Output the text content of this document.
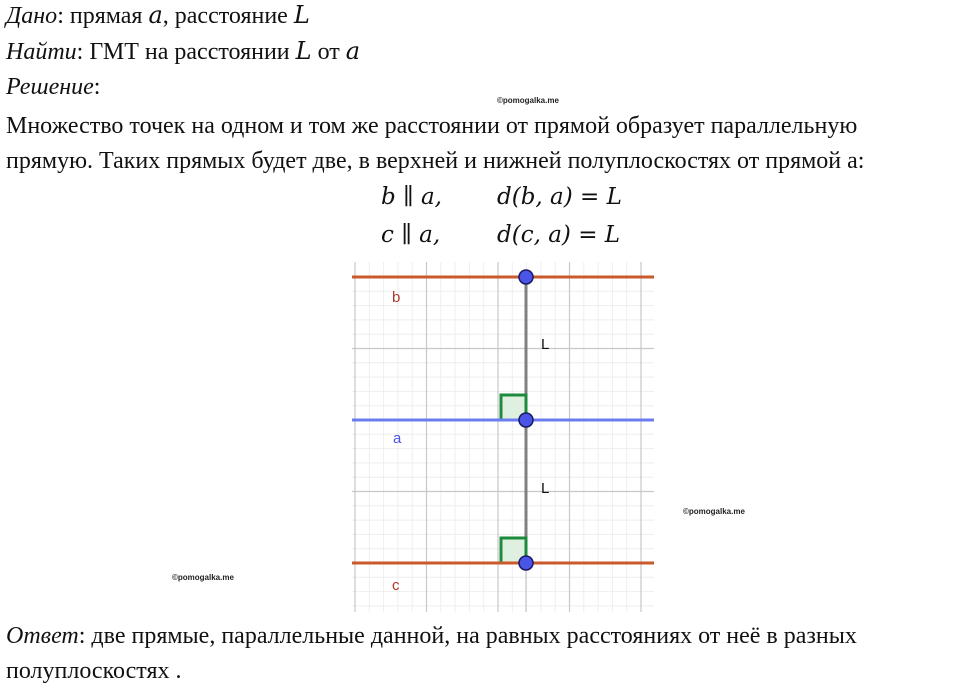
Дано: прямая a, расстояние L
Найти: ГМТ на расстоянии L от a
Решение:
©pomogalka.me
Множество точек на одном и том же расстоянии от прямой образует параллельную
прямую. Таких прямых будет две, в верхней и нижней полуплоскостях от прямой а:
b ∥ a, d(b, a) = L
c ∥ a, d(c, a) = L
b
a
c
L
L
©pomogalka.me
©pomogalka.me
Ответ: две прямые, параллельные данной, на равных расстояниях от неё в разных
полуплоскостях .
